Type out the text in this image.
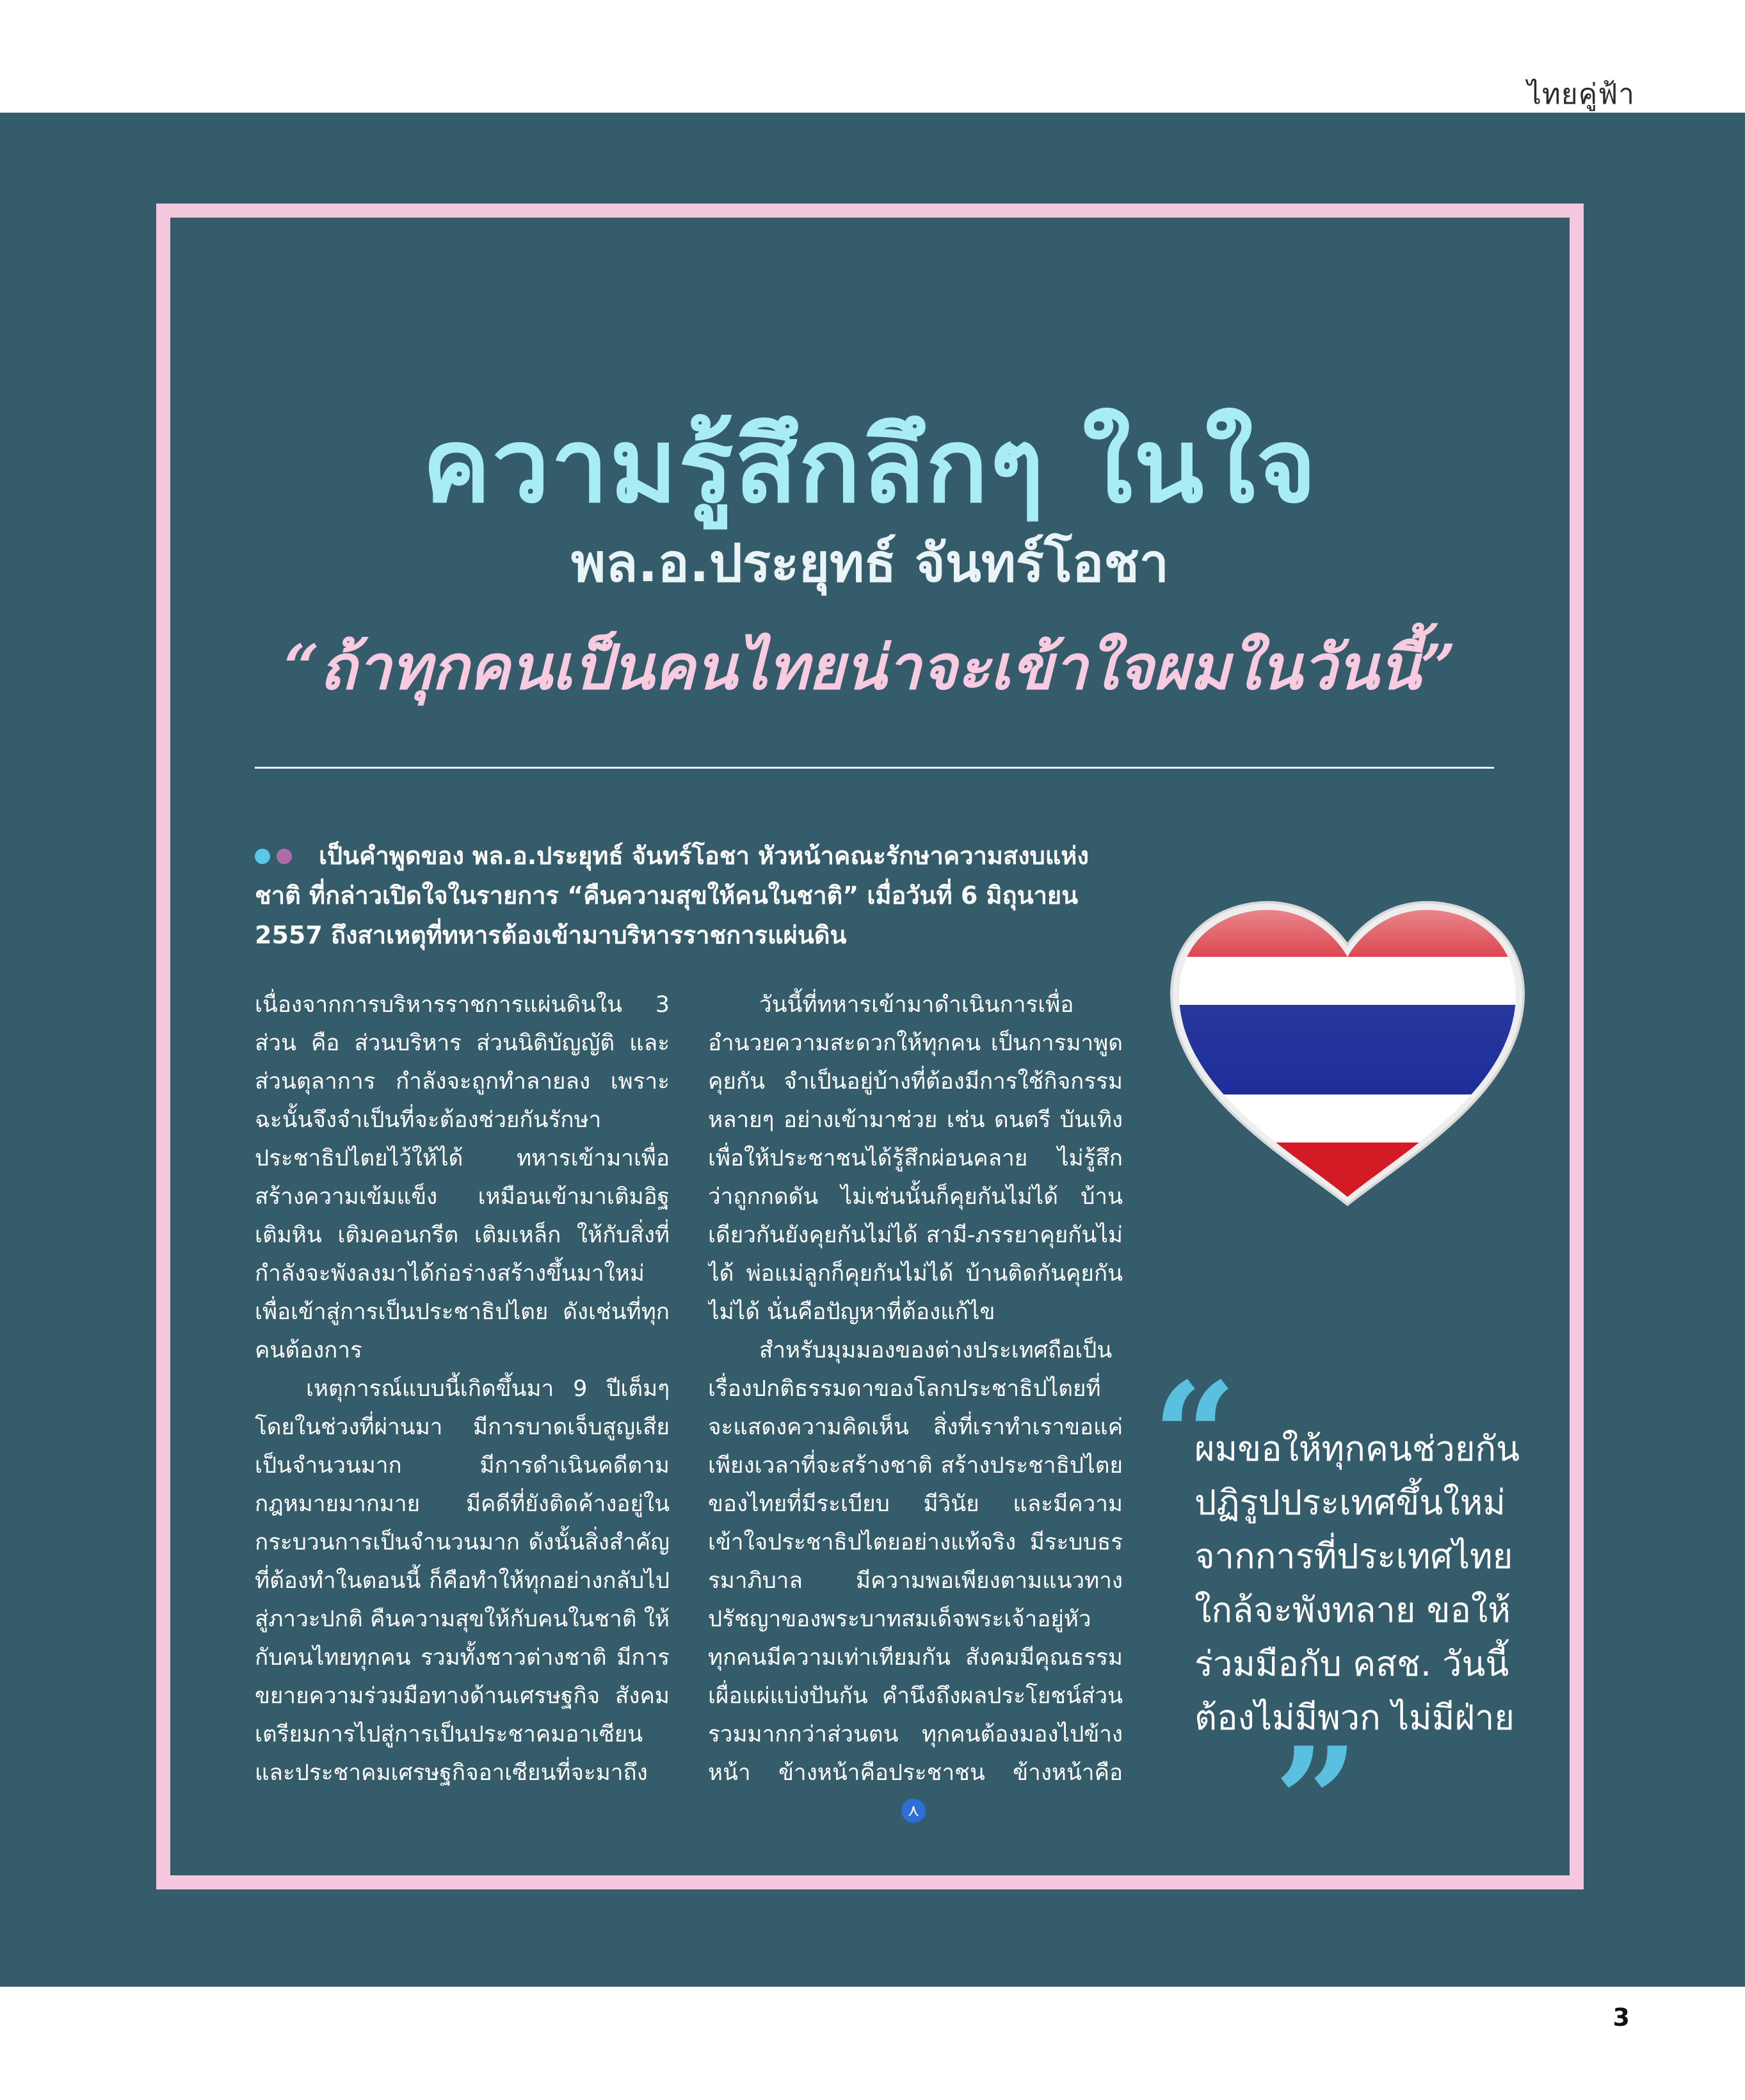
ไทยคู่ฟ้า
ความรู้สึกลึกๆ ในใจ
พล.อ.ประยุทธ์ จันทร์โอชา
“ถ้าทุกคนเป็นคนไทยน่าจะเข้าใจผมในวันนี้”

เป็นคำพูดของ พล.อ.ประยุทธ์ จันทร์โอชา หัวหน้าคณะรักษาความสงบแห่งชาติ ที่กล่าวเปิดใจในรายการ “คืนความสุขให้คนในชาติ” เมื่อวันที่ 6 มิถุนายน 2557 ถึงสาเหตุที่ทหารต้องเข้ามาบริหารราชการแผ่นดิน

เนื่องจากการบริหารราชการแผ่นดินใน 3 ส่วน คือ ส่วนบริหาร ส่วนนิติบัญญัติ และส่วนตุลาการ กำลังจะถูกทำลายลง เพราะฉะนั้นจึงจำเป็นที่จะต้องช่วยกันรักษาประชาธิปไตยไว้ให้ได้ ทหารเข้ามาเพื่อสร้างความเข้มแข็ง เหมือนเข้ามาเติมอิฐ เติมหิน เติมคอนกรีต เติมเหล็ก ให้กับสิ่งที่กำลังจะพังลงมาได้ก่อร่างสร้างขึ้นมาใหม่ เพื่อเข้าสู่การเป็นประชาธิปไตย ดังเช่นที่ทุกคนต้องการ

เหตุการณ์แบบนี้เกิดขึ้นมา 9 ปีเต็มๆ โดยในช่วงที่ผ่านมา มีการบาดเจ็บสูญเสียเป็นจำนวนมาก มีการดำเนินคดีตามกฎหมายมากมาย มีคดีที่ยังติดค้างอยู่ในกระบวนการเป็นจำนวนมาก ดังนั้นสิ่งสำคัญที่ต้องทำในตอนนี้ ก็คือทำให้ทุกอย่างกลับไปสู่ภาวะปกติ คืนความสุขให้กับคนในชาติ ให้กับคนไทยทุกคน รวมทั้งชาวต่างชาติ มีการขยายความร่วมมือทางด้านเศรษฐกิจ สังคม เตรียมการไปสู่การเป็นประชาคมอาเซียน และประชาคมเศรษฐกิจอาเซียนที่จะมาถึง

วันนี้ที่ทหารเข้ามาดำเนินการเพื่ออำนวยความสะดวกให้ทุกคน เป็นการมาพูดคุยกัน จำเป็นอยู่บ้างที่ต้องมีการใช้กิจกรรมหลายๆ อย่างเข้ามาช่วย เช่น ดนตรี บันเทิง เพื่อให้ประชาชนได้รู้สึกผ่อนคลาย ไม่รู้สึกว่าถูกกดดัน ไม่เช่นนั้นก็คุยกันไม่ได้ บ้านเดียวกันยังคุยกันไม่ได้ สามี-ภรรยาคุยกันไม่ได้ พ่อแม่ลูกก็คุยกันไม่ได้ บ้านติดกันคุยกันไม่ได้ นั่นคือปัญหาที่ต้องแก้ไข

สำหรับมุมมองของต่างประเทศถือเป็นเรื่องปกติธรรมดาของโลกประชาธิปไตยที่จะแสดงความคิดเห็น สิ่งที่เราทำเราขอแค่เพียงเวลาที่จะสร้างชาติ สร้างประชาธิปไตยของไทยที่มีระเบียบ มีวินัย และมีความเข้าใจประชาธิปไตยอย่างแท้จริง มีระบบธรรมาภิบาล มีความพอเพียงตามแนวทางปรัชญาของพระบาทสมเด็จพระเจ้าอยู่หัว ทุกคนมีความเท่าเทียมกัน สังคมมีคุณธรรมเผื่อแผ่แบ่งปันกัน คำนึงถึงผลประโยชน์ส่วนรวมมากกว่าส่วนตน ทุกคนต้องมองไปข้างหน้า ข้างหน้าคือประชาชน ข้างหน้าคือ

“

ผมขอให้ทุกคนช่วยกันปฏิรูปประเทศขึ้นใหม่ จากการที่ประเทศไทยใกล้จะพังทลาย ขอให้ร่วมมือกับ คสช. วันนี้ต้องไม่มีพวก ไม่มีฝ่าย

”
⋏
3
